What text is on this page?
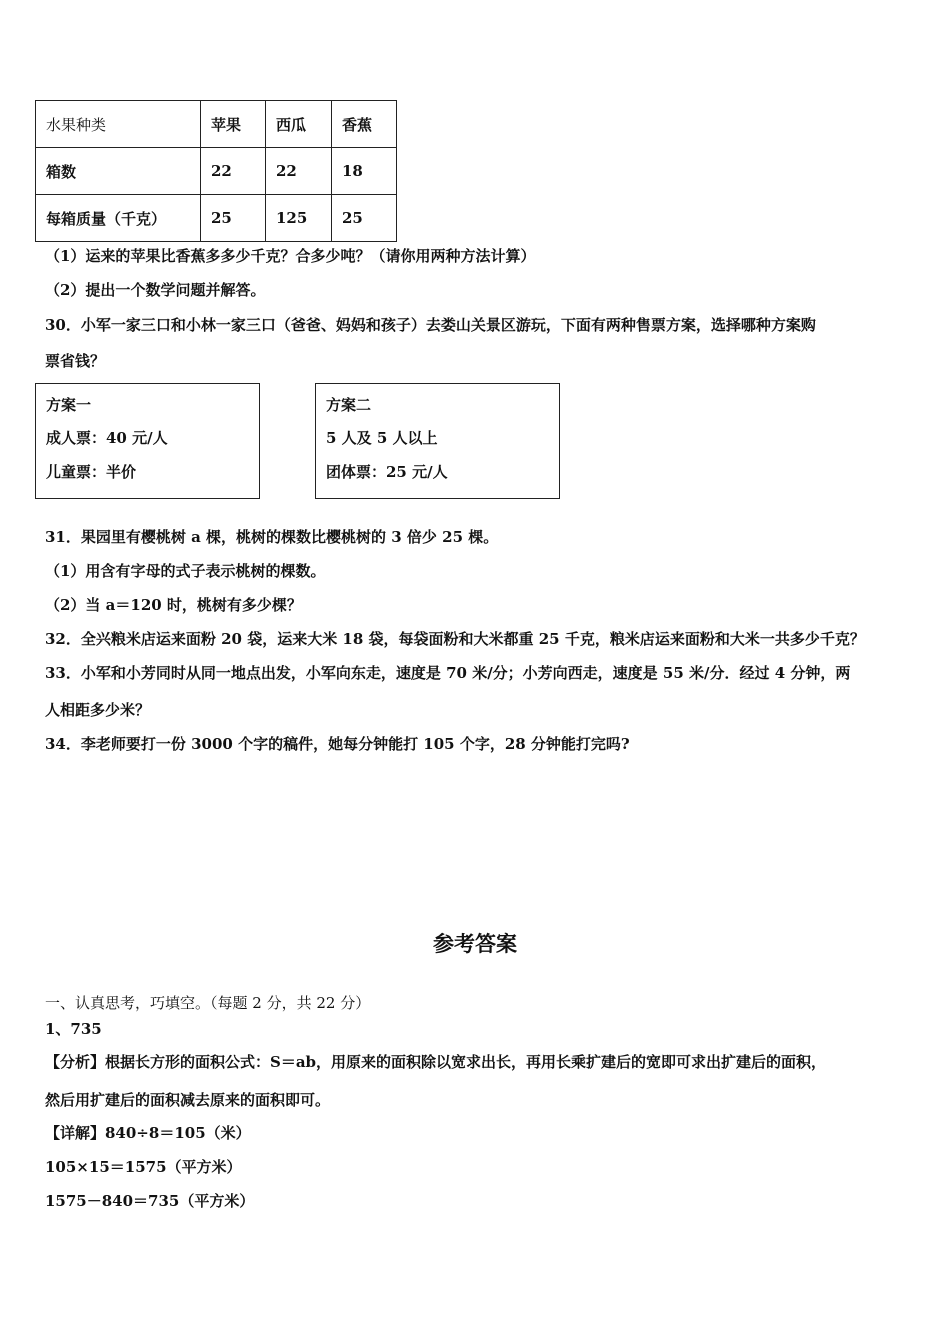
水果种类	苹果	西瓜	香蕉
箱数	22	22	18
每箱质量（千克）	25	125	25
（1）运来的苹果比香蕉多多少千克？合多少吨？（请你用两种方法计算）
（2）提出一个数学问题并解答。
30．小军一家三口和小林一家三口（爸爸、妈妈和孩子）去娄山关景区游玩，下面有两种售票方案，选择哪种方案购
票省钱？
方案一
成人票：40 元/人
儿童票：半价
方案二
5 人及 5 人以上
团体票：25 元/人
31．果园里有樱桃树 a 棵，桃树的棵数比樱桃树的 3 倍少 25 棵。
（1）用含有字母的式子表示桃树的棵数。
（2）当 a＝120 时，桃树有多少棵？
32．全兴粮米店运来面粉 20 袋，运来大米 18 袋，每袋面粉和大米都重 25 千克，粮米店运来面粉和大米一共多少千克？
33．小军和小芳同时从同一地点出发，小军向东走，速度是 70 米/分；小芳向西走，速度是 55 米/分．经过 4 分钟，两
人相距多少米？
34．李老师要打一份 3000 个字的稿件，她每分钟能打 105 个字，28 分钟能打完吗?
参考答案
一、认真思考，巧填空。（每题 2 分，共 22 分）
1、735
【分析】根据长方形的面积公式：S＝ab，用原来的面积除以宽求出长，再用长乘扩建后的宽即可求出扩建后的面积，
然后用扩建后的面积减去原来的面积即可。
【详解】840÷8＝105（米）
105×15＝1575（平方米）
1575－840＝735（平方米）
